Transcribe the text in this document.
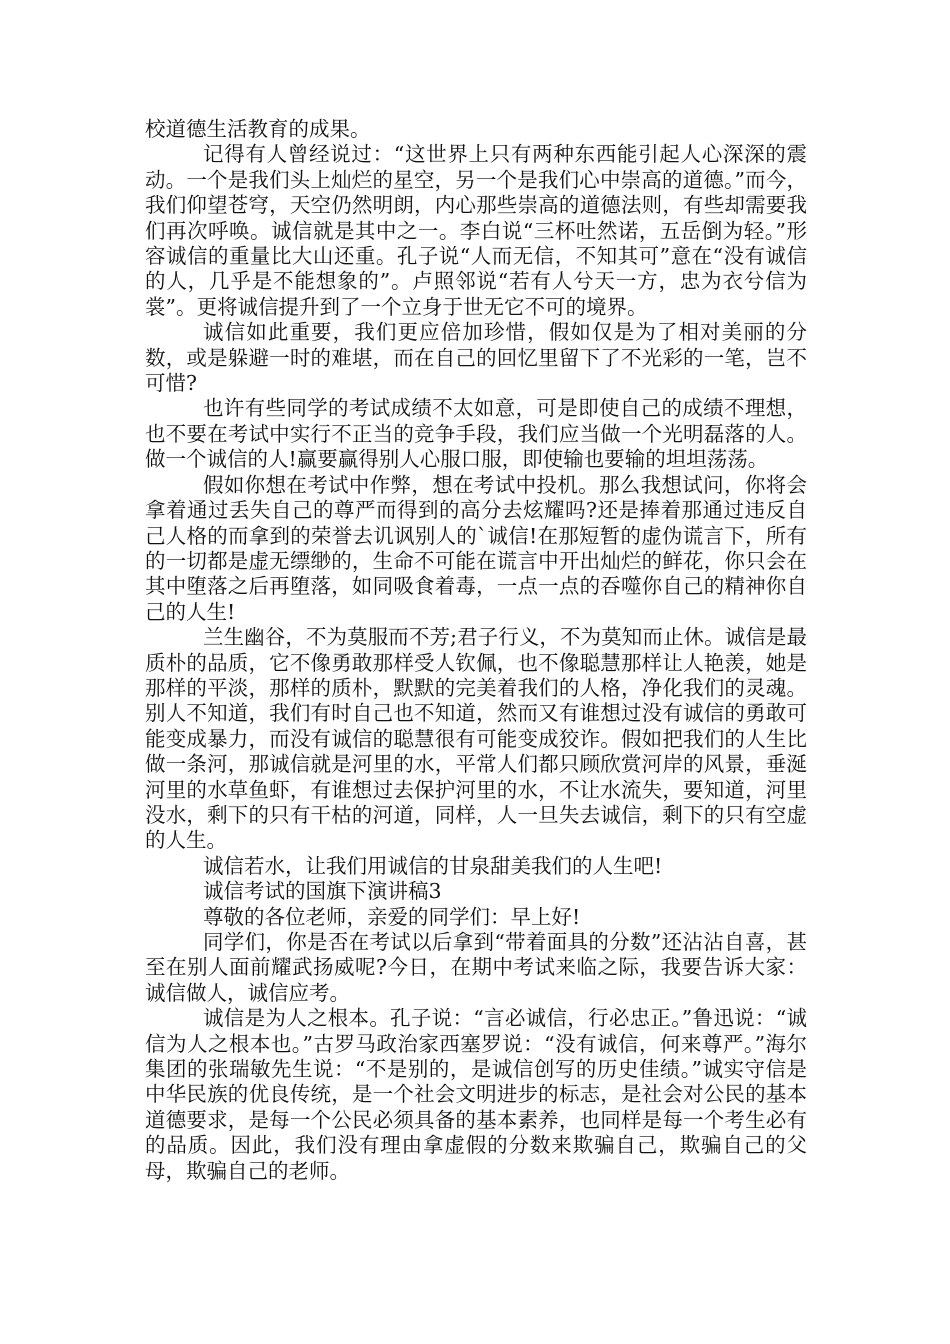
校道德生活教育的成果。

记得有人曾经说过：“这世界上只有两种东西能引起人心深深的震动。一个是我们头上灿烂的星空，另一个是我们心中崇高的道德。”而今，我们仰望苍穹，天空仍然明朗，内心那些崇高的道德法则，有些却需要我们再次呼唤。诚信就是其中之一。李白说“三杯吐然诺，五岳倒为轻。”形容诚信的重量比大山还重。孔子说“人而无信，不知其可”意在“没有诚信的人，几乎是不能想象的”。卢照邻说“若有人兮天一方，忠为衣兮信为裳”。更将诚信提升到了一个立身于世无它不可的境界。

诚信如此重要，我们更应倍加珍惜，假如仅是为了相对美丽的分数，或是躲避一时的难堪，而在自己的回忆里留下了不光彩的一笔，岂不可惜?

也许有些同学的考试成绩不太如意，可是即使自己的成绩不理想，也不要在考试中实行不正当的竞争手段，我们应当做一个光明磊落的人。做一个诚信的人!赢要赢得别人心服口服，即使输也要输的坦坦荡荡。

假如你想在考试中作弊，想在考试中投机。那么我想试问，你将会拿着通过丢失自己的尊严而得到的高分去炫耀吗?还是捧着那通过违反自己人格的而拿到的荣誉去讥讽别人的`诚信!在那短暂的虚伪谎言下，所有的一切都是虚无缥缈的，生命不可能在谎言中开出灿烂的鲜花，你只会在其中堕落之后再堕落，如同吸食着毒，一点一点的吞噬你自己的精神你自己的人生!

兰生幽谷，不为莫服而不芳;君子行义，不为莫知而止休。诚信是最质朴的品质，它不像勇敢那样受人钦佩，也不像聪慧那样让人艳羡，她是那样的平淡，那样的质朴，默默的完美着我们的人格，净化我们的灵魂。别人不知道，我们有时自己也不知道，然而又有谁想过没有诚信的勇敢可能变成暴力，而没有诚信的聪慧很有可能变成狡诈。假如把我们的人生比做一条河，那诚信就是河里的水，平常人们都只顾欣赏河岸的风景，垂涎河里的水草鱼虾，有谁想过去保护河里的水，不让水流失，要知道，河里没水，剩下的只有干枯的河道，同样，人一旦失去诚信，剩下的只有空虚的人生。

诚信若水，让我们用诚信的甘泉甜美我们的人生吧!

诚信考试的国旗下演讲稿3

尊敬的各位老师，亲爱的同学们：早上好!

同学们，你是否在考试以后拿到“带着面具的分数”还沾沾自喜，甚至在别人面前耀武扬威呢?今日，在期中考试来临之际，我要告诉大家：诚信做人，诚信应考。

诚信是为人之根本。孔子说：“言必诚信，行必忠正。”鲁迅说：“诚信为人之根本也。”古罗马政治家西塞罗说：“没有诚信，何来尊严。”海尔集团的张瑞敏先生说：“不是别的，是诚信创写的历史佳绩。”诚实守信是中华民族的优良传统，是一个社会文明进步的标志，是社会对公民的基本道德要求，是每一个公民必须具备的基本素养，也同样是每一个考生必有的品质。因此，我们没有理由拿虚假的分数来欺骗自己，欺骗自己的父母，欺骗自己的老师。
